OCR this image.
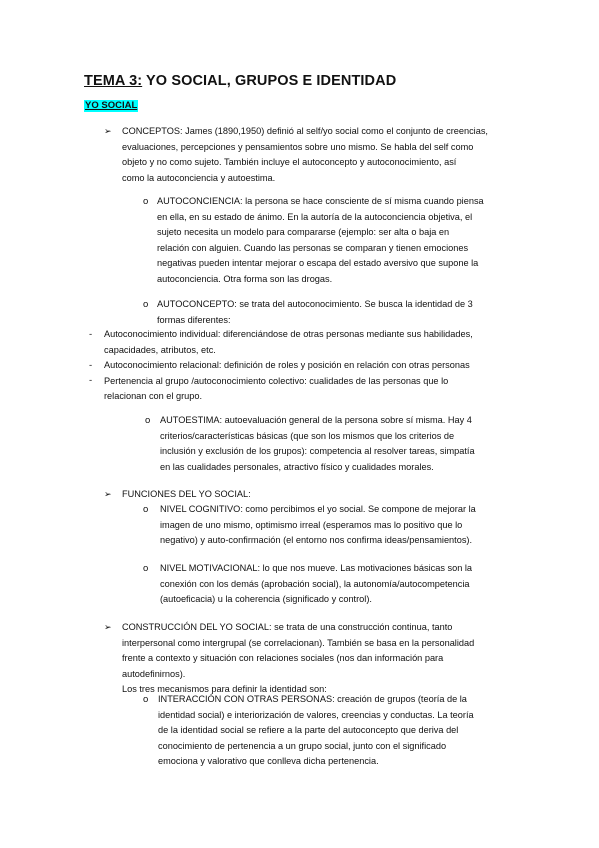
TEMA 3: YO SOCIAL, GRUPOS E IDENTIDAD
YO SOCIAL
➢ CONCEPTOS: James (1890,1950) definió al self/yo social como el conjunto de creencias,

evaluaciones, percepciones y pensamientos sobre uno mismo. Se habla del self como

objeto y no como sujeto. También incluye el autoconcepto y autoconocimiento, así

como la autoconciencia y autoestima.

o AUTOCONCIENCIA: la persona se hace consciente de sí misma cuando piensa

en ella, en su estado de ánimo. En la autoría de la autoconciencia objetiva, el

sujeto necesita un modelo para compararse (ejemplo: ser alta o baja en

relación con alguien. Cuando las personas se comparan y tienen emociones

negativas pueden intentar mejorar o escapa del estado aversivo que supone la

autoconciencia. Otra forma son las drogas.

o AUTOCONCEPTO: se trata del autoconocimiento. Se busca la identidad de 3

formas diferentes:

-
-
-

Autoconocimiento individual: diferenciándose de otras personas mediante sus habilidades,

capacidades, atributos, etc.

Autoconocimiento relacional: definición de roles y posición en relación con otras personas

Pertenencia al grupo /autoconocimiento colectivo: cualidades de las personas que lo

relacionan con el grupo.

o AUTOESTIMA: autoevaluación general de la persona sobre sí misma. Hay 4

criterios/características básicas (que son los mismos que los criterios de

inclusión y exclusión de los grupos): competencia al resolver tareas, simpatía

en las cualidades personales, atractivo físico y cualidades morales.

➢ FUNCIONES DEL YO SOCIAL:

o NIVEL COGNITIVO: como percibimos el yo social. Se compone de mejorar la

imagen de uno mismo, optimismo irreal (esperamos mas lo positivo que lo

negativo) y auto-confirmación (el entorno nos confirma ideas/pensamientos).

o NIVEL MOTIVACIONAL: lo que nos mueve. Las motivaciones básicas son la

conexión con los demás (aprobación social), la autonomía/autocompetencia

(autoeficacia) u la coherencia (significado y control).

➢ CONSTRUCCIÓN DEL YO SOCIAL: se trata de una construcción continua, tanto

interpersonal como intergrupal (se correlacionan). También se basa en la personalidad

frente a contexto y situación con relaciones sociales (nos dan información para

autodefinirnos).

Los tres mecanismos para definir la identidad son:

o INTERACCIÓN CON OTRAS PERSONAS: creación de grupos (teoría de la

identidad social) e interiorización de valores, creencias y conductas. La teoría

de la identidad social se refiere a la parte del autoconcepto que deriva del

conocimiento de pertenencia a un grupo social, junto con el significado

emociona y valorativo que conlleva dicha pertenencia.
